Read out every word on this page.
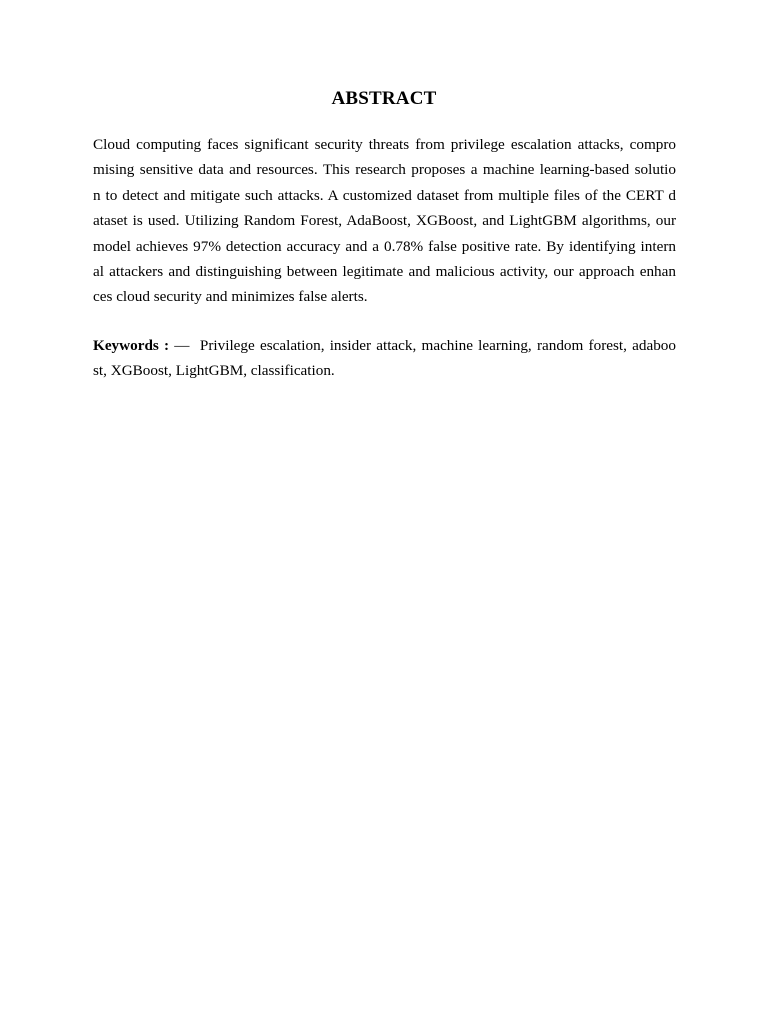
ABSTRACT
Cloud computing faces significant security threats from privilege escalation attacks, compro
mising sensitive data and resources. This research proposes a machine learning-based solutio
n to detect and mitigate such attacks. A customized dataset from multiple files of the CERT d
ataset is used. Utilizing Random Forest, AdaBoost, XGBoost, and LightGBM algorithms, our
model achieves 97% detection accuracy and a 0.78% false positive rate. By identifying intern
al attackers and distinguishing between legitimate and malicious activity, our approach enhan
ces cloud security and minimizes false alerts.
Keywords : —  Privilege escalation, insider attack, machine learning, random forest, adaboo
st, XGBoost, LightGBM, classification.
